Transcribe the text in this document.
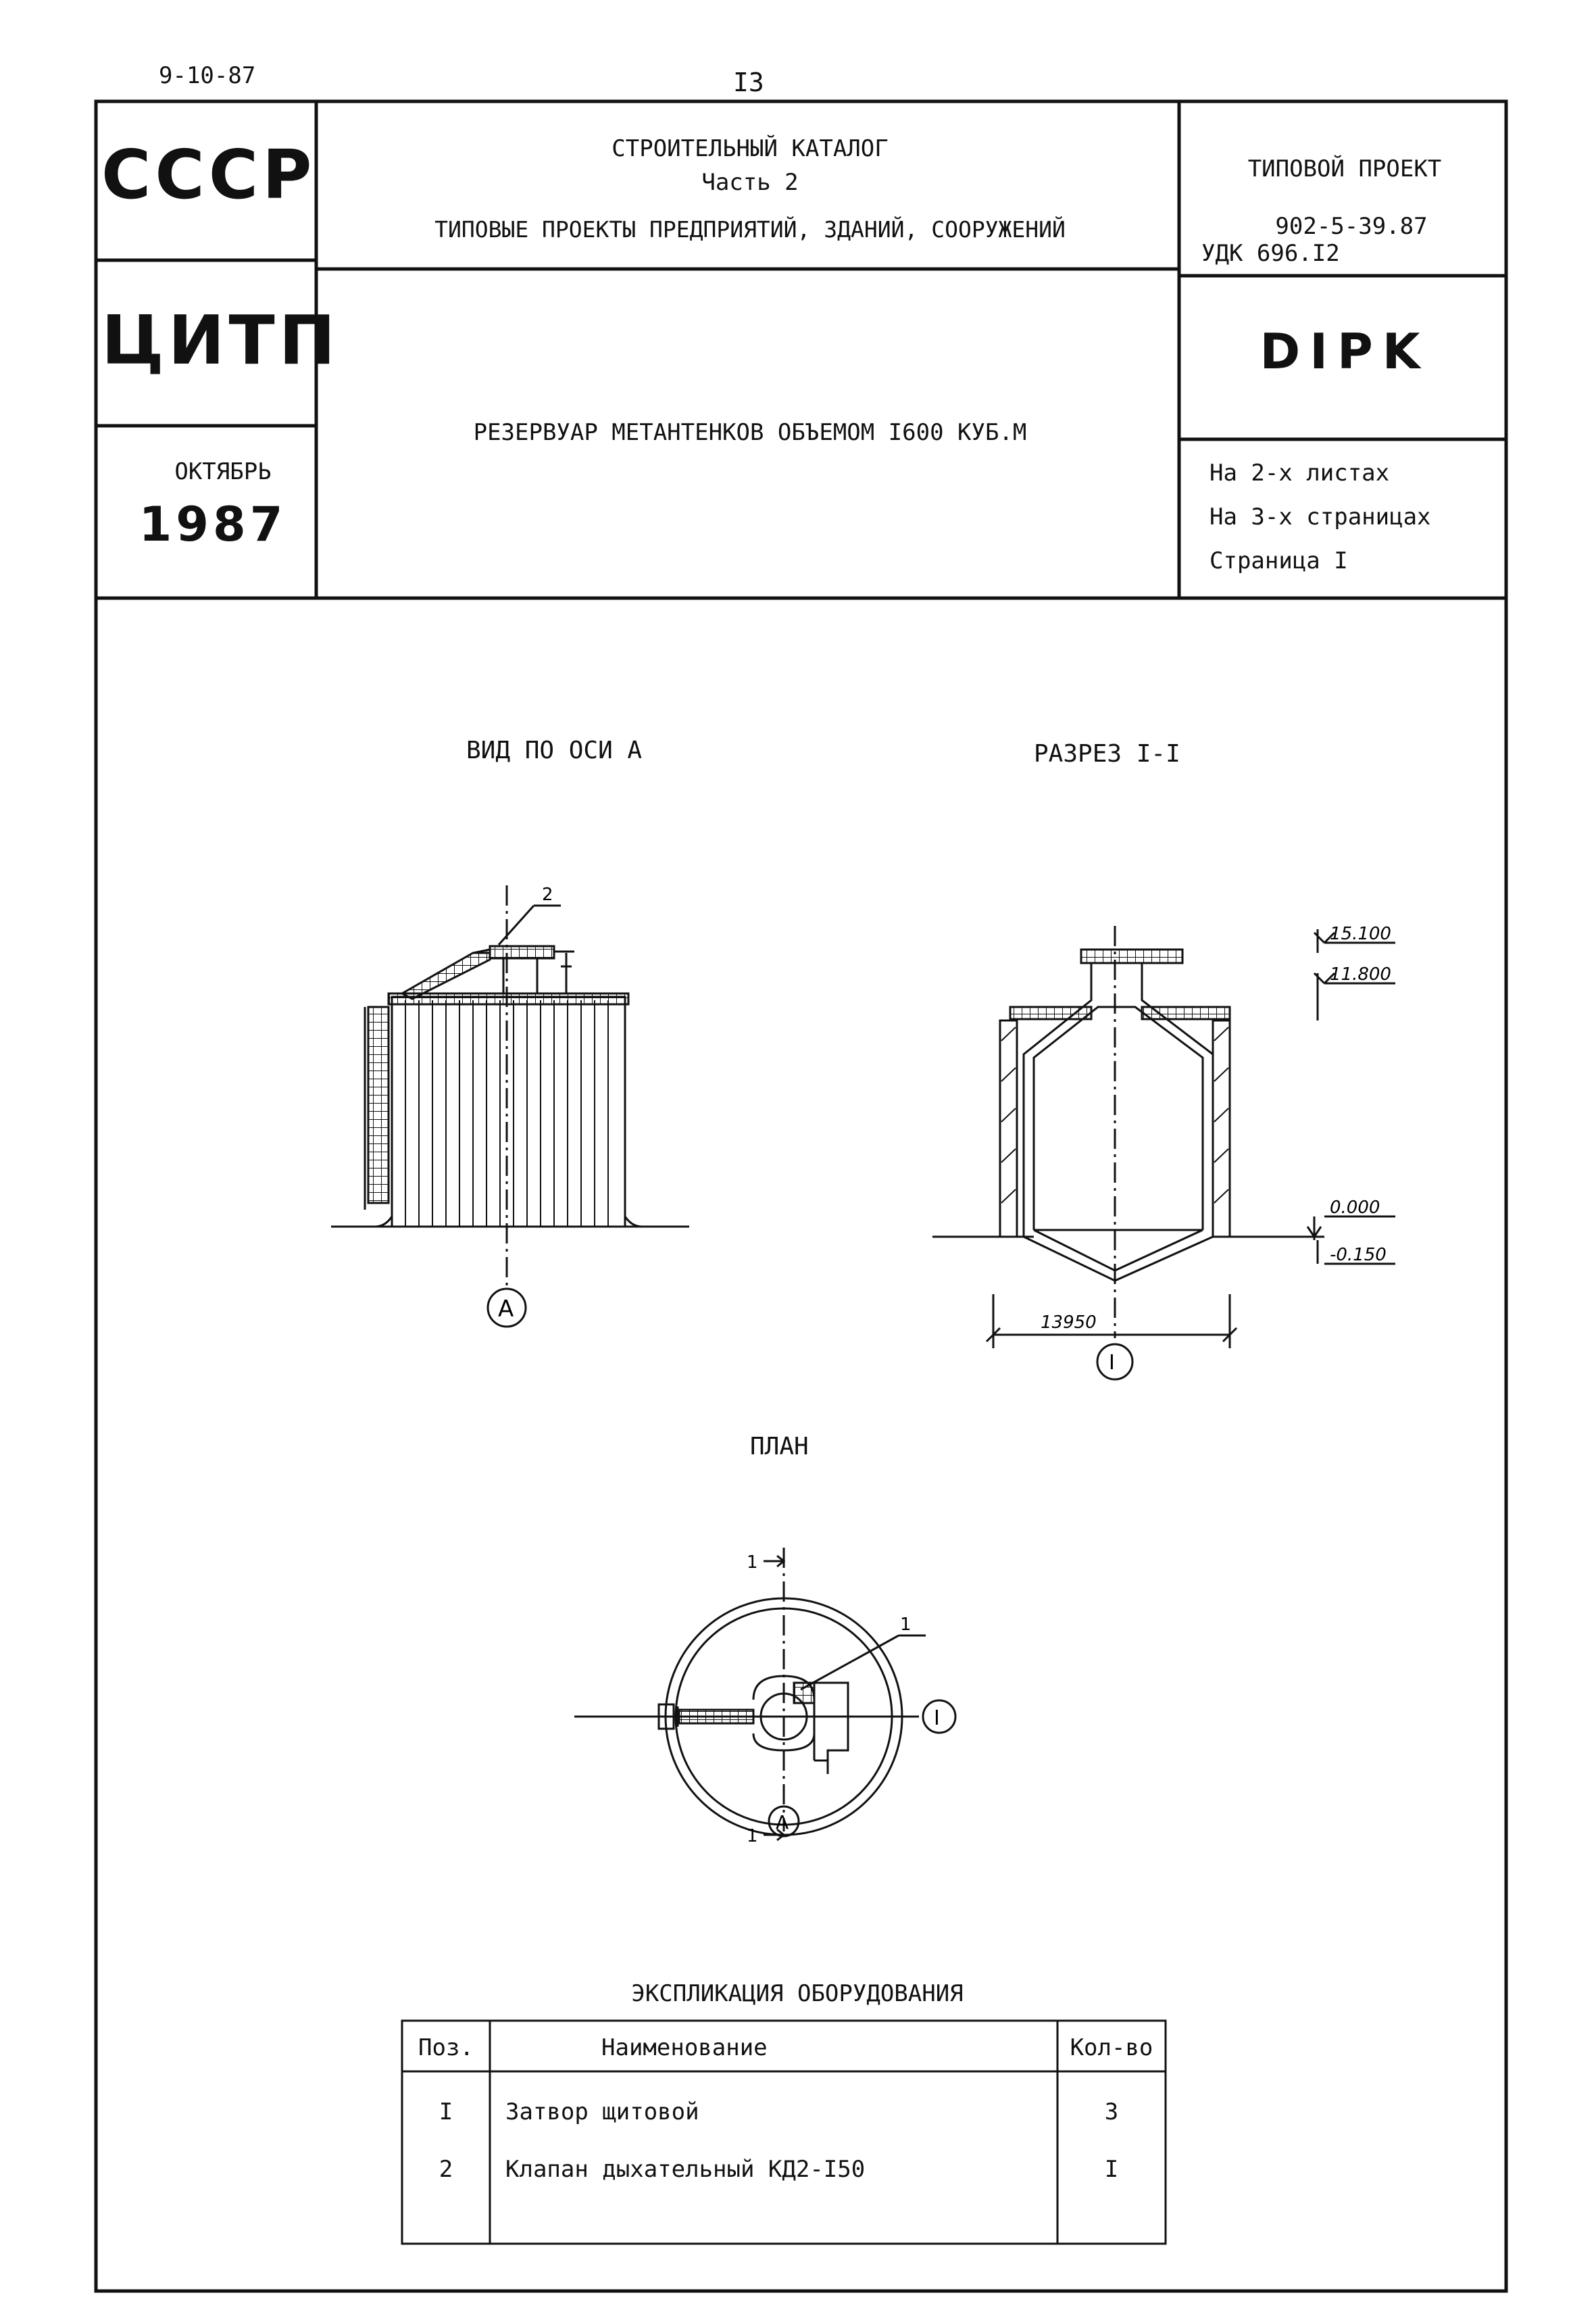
9-10-87	I3
СССР
ЦИТП
ОКТЯБРЬ
1987
СТРОИТЕЛЬНЫЙ КАТАЛОГ
Часть 2
ТИПОВЫЕ ПРОЕКТЫ ПРЕДПРИЯТИЙ, ЗДАНИЙ, СООРУЖЕНИЙ
РЕЗЕРВУАР МЕТАНТЕНКОВ ОБЪЕМОМ I600 КУБ.М
ТИПОВОЙ ПРОЕКТ
902-5-39.87
УДК 696.I2
DIPK
На 2-х листах
На 3-х страницах
Страница I
ВИД ПО ОСИ А	РАЗРЕЗ I-I
ПЛАН
2
А
15.100
11.800
0.000
-0.150
13950
I
1
I
А
1
1
ЭКСПЛИКАЦИЯ ОБОРУДОВАНИЯ
Поз.	Наименование	Кол-во
I	Затвор щитовой	3
2	Клапан дыхательный КД2-I50	I
